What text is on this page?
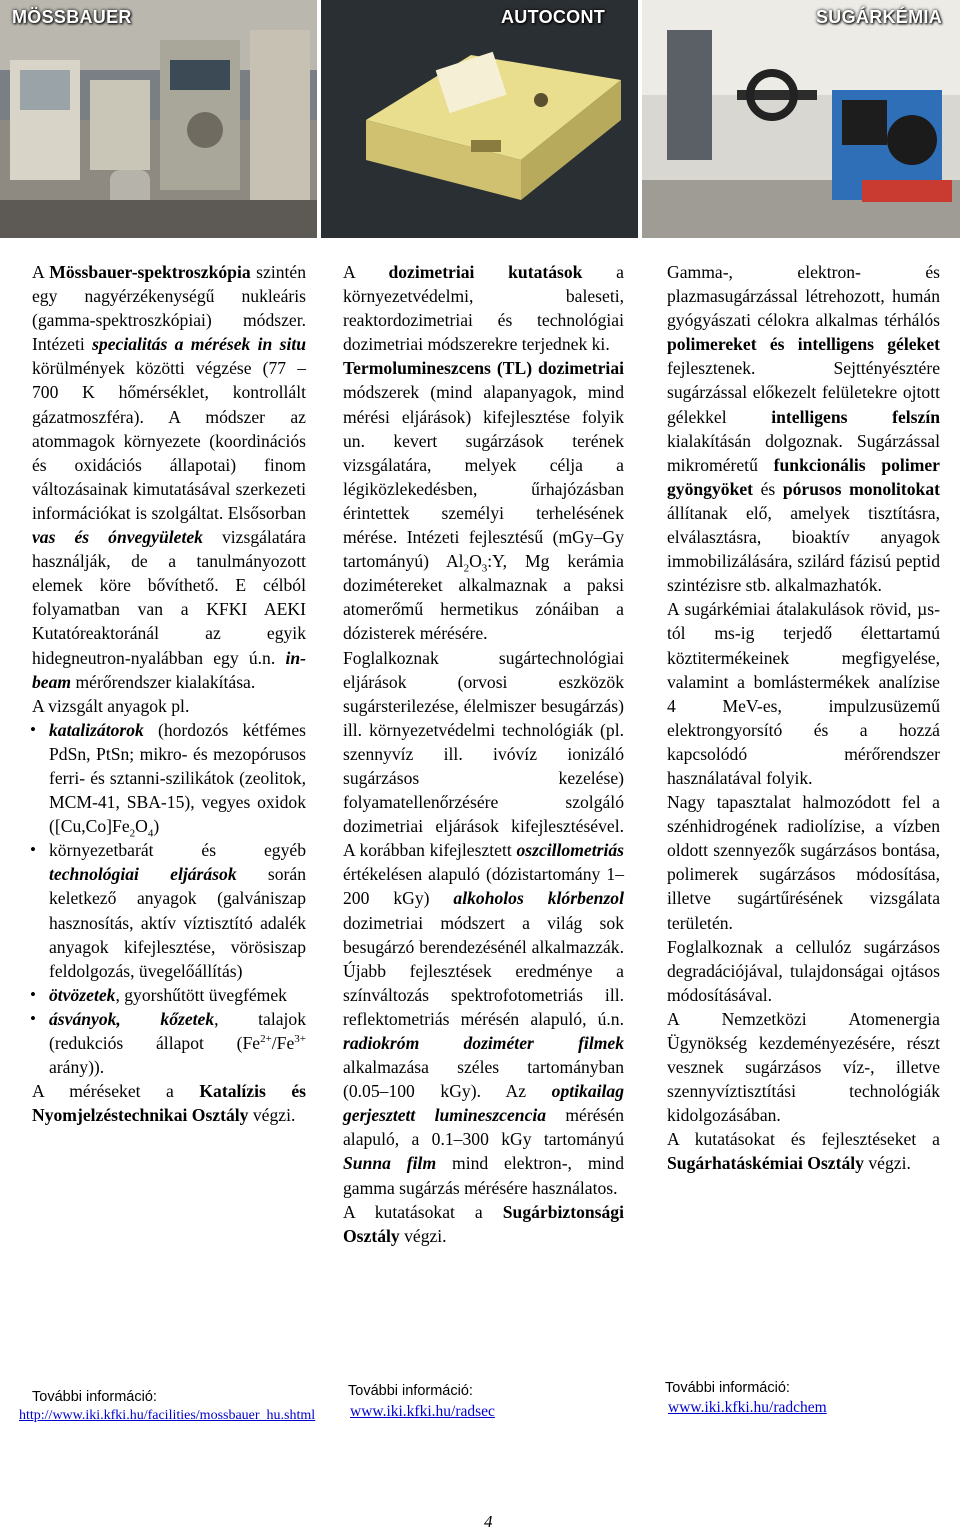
MÖSSBAUER	AUTOCONT	SUGÁRKÉMIA

A Mössbauer-spektroszkópia szintén egy nagyérzékenységű nukleáris (gamma-spektroszkópiai) módszer. Intézeti specialitás a mérések in situ körülmények közötti végzése (77 – 700 K hőmérséklet, kontrollált gázatmoszféra). A módszer az atommagok környezete (koordinációs és oxidációs állapotai) finom változásainak kimutatásával szerkezeti információkat is szolgáltat. Elsősorban vas és ónvegyületek vizsgálatára használják, de a tanulmányozott elemek köre bővíthető. E célból folyamatban van a KFKI AEKI Kutatóreaktoránál az egyik hidegneutron-nyalábban egy ú.n. in-beam mérőrendszer kialakítása.

A vizsgált anyagok pl.

• katalizátorok (hordozós kétfémes PdSn, PtSn; mikro- és mezopórusos ferri- és sztanni-szilikátok (zeolitok, MCM-41, SBA-15), vegyes oxidok $([Cu,Co]Fe_2O_4)$
• környezetbarát és egyéb technológiai eljárások során keletkező anyagok (galvániszap hasznosítás, aktív víztisztító adalék anyagok kifejlesztése, vörösiszap feldolgozás, üvegelőállítás)
• ötvözetek, gyorshűtött üvegfémek
• ásványok, kőzetek, talajok (redukciós állapot ($Fe^{2+}/Fe^{3+}$ arány)).

A méréseket a Katalízis és Nyomjelzéstechnikai Osztály végzi.

A dozimetriai kutatások a környezetvédelmi, baleseti, reaktordozimetriai és technológiai dozimetriai módszerekre terjednek ki.

Termolumineszcens (TL) dozimetriai módszerek (mind alapanyagok, mind mérési eljárások) kifejlesztése folyik un. kevert sugárzások terének vizsgálatára, melyek célja a légiközlekedésben, űrhajózásban érintettek személyi terhelésének mérése. Intézeti fejlesztésű (mGy–Gy tartományú) $Al_2O_3:Y$, Mg kerámia dozimétereket alkalmaznak a paksi atomerőmű hermetikus zónáiban a dózisterek mérésére.

Foglalkoznak sugártechnológiai eljárások (orvosi eszközök sugársterilezése, élelmiszer besugárzás) ill. környezetvédelmi technológiák (pl. szennyvíz ill. ivóvíz ionizáló sugárzásos kezelése) folyamatellenőrzésére szolgáló dozimetriai eljárások kifejlesztésével. A korábban kifejlesztett oszcillometriás értékelésen alapuló (dózistartomány 1–200 kGy) alkoholos klórbenzol dozimetriai módszert a világ sok besugárzó berendezésénél alkalmazzák. Újabb fejlesztések eredménye a színváltozás spektrofotometriás ill. reflektometriás mérésén alapuló, ú.n. radiokróm doziméter filmek alkalmazása széles tartományban (0.05–100 kGy). Az optikailag gerjesztett lumineszcencia mérésén alapuló, a 0.1–300 kGy tartományú Sunna film mind elektron-, mind gamma sugárzás mérésére használatos.

A kutatásokat a Sugárbiztonsági Osztály végzi.

Gamma-, elektron- és plazmasugárzással létrehozott, humán gyógyászati célokra alkalmas térhálós polimereket és intelligens géleket fejlesztenek. Sejttényésztére sugárzással előkezelt felületekre ojtott gélekkel intelligens felszín kialakításán dolgoznak. Sugárzással mikroméretű funkcionális polimer gyöngyöket és pórusos monolitokat állítanak elő, amelyek tisztításra, elválasztásra, bioaktív anyagok immobilizálására, szilárd fázisú peptid szintézisre stb. alkalmazhatók.

A sugárkémiai átalakulások rövid, µs-tól ms-ig terjedő élettartamú köztitermékeinek megfigyelése, valamint a bomlástermékek analízise 4 MeV-es, impulzusüzemű elektrongyorsító és a hozzá kapcsolódó mérőrendszer használatával folyik.

Nagy tapasztalat halmozódott fel a szénhidrogének radiolízise, a vízben oldott szennyezők sugárzásos bontása, polimerek sugárzásos módosítása, illetve sugártűrésének vizsgálata területén.

Foglalkoznak a cellulóz sugárzásos degradációjával, tulajdonságai ojtásos módosításával.

A Nemzetközi Atomenergia Ügynökség kezdeményezésére, részt vesznek sugárzásos víz-, illetve szennyvíztisztítási technológiák kidolgozásában.

A kutatásokat és fejlesztéseket a Sugárhatáskémiai Osztály végzi.

További információ:
http://www.iki.kfki.hu/facilities/mossbauer_hu.shtml
További információ:
www.iki.kfki.hu/radsec
További információ:
www.iki.kfki.hu/radchem
4
